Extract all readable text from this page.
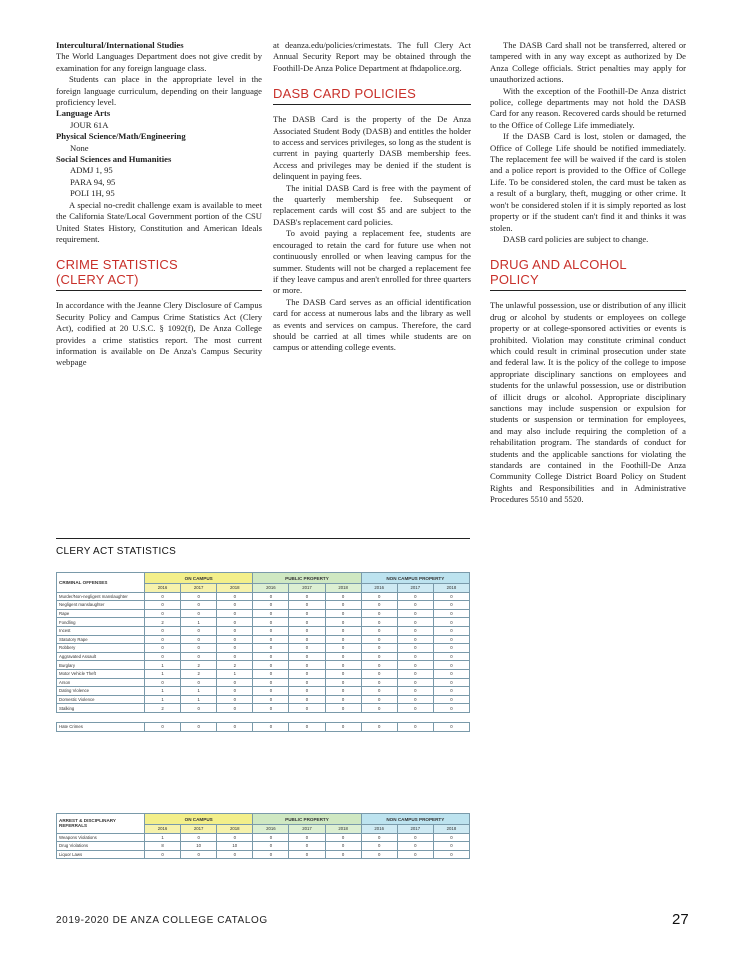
Intercultural/International Studies

The World Languages Department does not give credit by examination for any foreign language class.

Students can place in the appropriate level in the foreign language curriculum, depending on their language proficiency level.

Language Arts

JOUR 61A

Physical Science/Math/Engineering

None

Social Sciences and Humanities

ADMJ 1, 95

PARA 94, 95

POLI 1H, 95

A special no-credit challenge exam is available to meet the California State/Local Government portion of the CSU United States History, Constitution and American Ideals requirement.

CRIME STATISTICS
(CLERY ACT)

In accordance with the Jeanne Clery Disclosure of Campus Security Policy and Campus Crime Statistics Act (Clery Act), codified at 20 U.S.C. § 1092(f), De Anza College provides a crime statistics report. The most current information is available on De Anza's Campus Security webpage

at deanza.edu/policies/crimestats. The full Clery Act Annual Security Report may be obtained through the Foothill-De Anza Police Department at fhdapolice.org.

DASB CARD POLICIES

The DASB Card is the property of the De Anza Associated Student Body (DASB) and entitles the holder to access and services privileges, so long as the student is current in paying quarterly DASB membership fees. Access and privileges may be denied if the student is delinquent in paying fees.

The initial DASB Card is free with the payment of the quarterly membership fee. Subsequent or replacement cards will cost $5 and are subject to the DASB's replacement card policies.

To avoid paying a replacement fee, students are encouraged to retain the card for future use when not continuously enrolled or when leaving campus for the summer. Students will not be charged a replacement fee if they leave campus and aren't enrolled for three quarters or more.

The DASB Card serves as an official identification card for access at numerous labs and the library as well as events and services on campus. Therefore, the card should be carried at all times while students are on campus or attending college events.

The DASB Card shall not be transferred, altered or tampered with in any way except as authorized by De Anza College officials. Strict penalties may apply for unauthorized actions.

With the exception of the Foothill-De Anza district police, college departments may not hold the DASB Card for any reason. Recovered cards should be returned to the Office of College Life immediately.

If the DASB Card is lost, stolen or damaged, the Office of College Life should be notified immediately. The replacement fee will be waived if the card is stolen and a police report is provided to the Office of College Life. To be considered stolen, the card must be taken as a result of a burglary, theft, mugging or other crime. It won't be considered stolen if it is simply reported as lost property or if the student can't find it and thinks it was stolen.

DASB card policies are subject to change.

DRUG AND ALCOHOL
POLICY

The unlawful possession, use or distribution of any illicit drug or alcohol by students or employees on college property or at college-sponsored activities or events is prohibited. Violation may constitute criminal conduct which could result in criminal prosecution under state and federal law. It is the policy of the college to impose appropriate disciplinary sanctions on employees and students for the unlawful possession, use or distribution of illicit drugs or alcohol. Appropriate disciplinary sanctions may include suspension or expulsion for students or suspension or termination for employees, and may also include requiring the completion of a rehabilitation program. The standards of conduct for students and the applicable sanctions for violating the standards are contained in the Foothill-De Anza Community College District Board Policy on Student Rights and Responsibilities and in Administrative Procedures 5510 and 5520.

CLERY ACT STATISTICS
CRIMINAL OFFENSES	ON CAMPUS			PUBLIC PROPERTY			NON CAMPUS PROPERTY		
	2016	2017	2018	2016	2017	2018	2016	2017	2018
Murder/Non-negligent manslaughter	0	0	0	0	0	0	0	0	0
Negligent manslaughter	0	0	0	0	0	0	0	0	0
Rape	0	0	0	0	0	0	0	0	0
Fondling	2	1	0	0	0	0	0	0	0
Incest	0	0	0	0	0	0	0	0	0
Statutory Rape	0	0	0	0	0	0	0	0	0
Robbery	0	0	0	0	0	0	0	0	0
Aggravated Assault	0	0	0	0	0	0	0	0	0
Burglary	1	2	2	0	0	0	0	0	0
Motor Vehicle Theft	1	2	1	0	0	0	0	0	0
Arson	0	0	0	0	0	0	0	0	0
Dating Violence	1	1	0	0	0	0	0	0	0
Domestic Violence	1	1	0	0	0	0	0	0	0
Stalking	2	0	0	0	0	0	0	0	0

Hate Crimes	0	0	0	0	0	0	0	0	0
ARREST & DISCIPLINARY REFERRALS	ON CAMPUS			PUBLIC PROPERTY			NON CAMPUS PROPERTY		
	2016	2017	2018	2016	2017	2018	2016	2017	2018
Weapons Violations	1	0	0	0	0	0	0	0	0
Drug Violations	8	10	10	0	0	0	0	0	0
Liquor Laws	0	0	0	0	0	0	0	0	0
2019-2020 DE ANZA COLLEGE CATALOG	27
